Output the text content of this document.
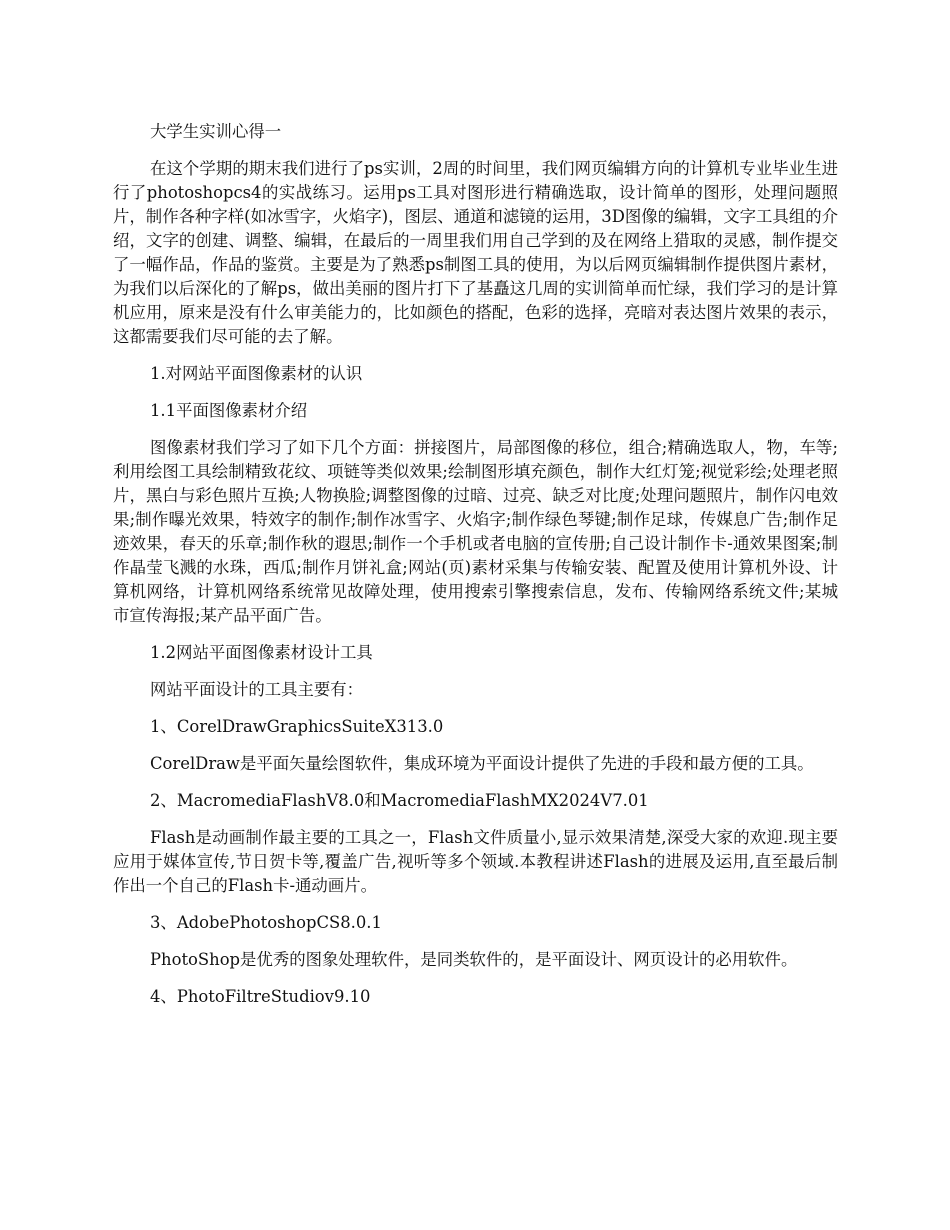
大学生实训心得一

在这个学期的期末我们进行了ps实训，2周的时间里，我们网页编辑方向的计算机专业毕业生进行了photoshopcs4的实战练习。运用ps工具对图形进行精确选取，设计简单的图形，处理问题照片，制作各种字样(如冰雪字，火焰字)，图层、通道和滤镜的运用，3D图像的编辑，文字工具组的介绍，文字的创建、调整、编辑，在最后的一周里我们用自己学到的及在网络上猎取的灵感，制作提交了一幅作品，作品的鉴赏。主要是为了熟悉ps制图工具的使用，为以后网页编辑制作提供图片素材，为我们以后深化的了解ps，做出美丽的图片打下了基矗这几周的实训简单而忙绿，我们学习的是计算机应用，原来是没有什么审美能力的，比如颜色的搭配，色彩的选择，亮暗对表达图片效果的表示，这都需要我们尽可能的去了解。

1.对网站平面图像素材的认识

1.1平面图像素材介绍

图像素材我们学习了如下几个方面：拼接图片，局部图像的移位，组合;精确选取人，物，车等;利用绘图工具绘制精致花纹、项链等类似效果;绘制图形填充颜色，制作大红灯笼;视觉彩绘;处理老照片，黑白与彩色照片互换;人物换脸;调整图像的过暗、过亮、缺乏对比度;处理问题照片，制作闪电效果;制作曝光效果，特效字的制作;制作冰雪字、火焰字;制作绿色琴键;制作足球，传媒息广告;制作足迹效果，春天的乐章;制作秋的遐思;制作一个手机或者电脑的宣传册;自己设计制作卡-通效果图案;制作晶莹飞溅的水珠，西瓜;制作月饼礼盒;网站(页)素材采集与传输安装、配置及使用计算机外设、计算机网络，计算机网络系统常见故障处理，使用搜索引擎搜索信息，发布、传输网络系统文件;某城市宣传海报;某产品平面广告。

1.2网站平面图像素材设计工具

网站平面设计的工具主要有：

1、CorelDrawGraphicsSuiteX313.0

CorelDraw是平面矢量绘图软件，集成环境为平面设计提供了先进的手段和最方便的工具。

2、MacromediaFlashV8.0和MacromediaFlashMX2024V7.01

Flash是动画制作最主要的工具之一，Flash文件质量小,显示效果清楚,深受大家的欢迎.现主要应用于媒体宣传,节日贺卡等,覆盖广告,视听等多个领域.本教程讲述Flash的进展及运用,直至最后制作出一个自己的Flash卡-通动画片。

3、AdobePhotoshopCS8.0.1

PhotoShop是优秀的图象处理软件，是同类软件的，是平面设计、网页设计的必用软件。

4、PhotoFiltreStudiov9.10
